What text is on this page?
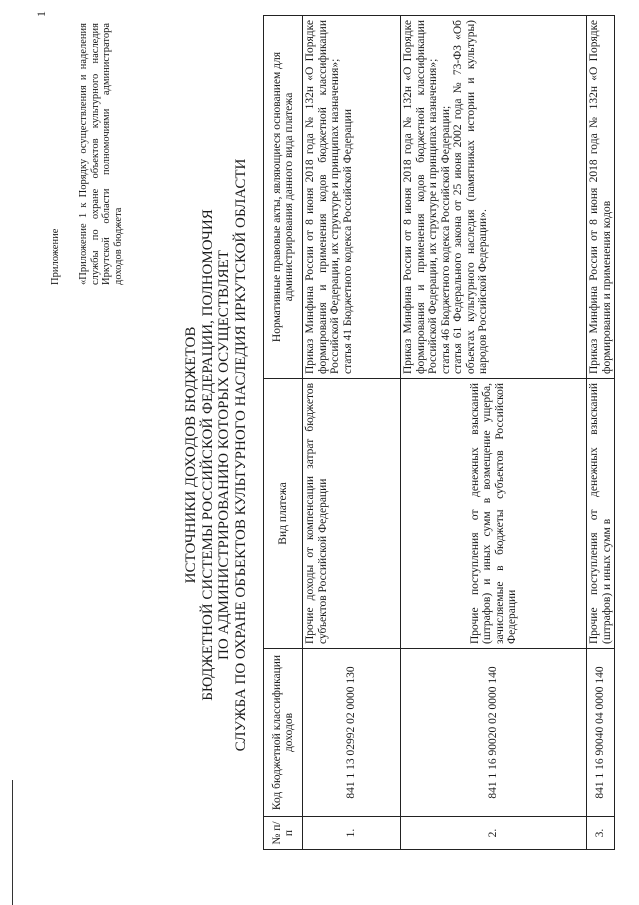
1
Приложение «Приложение 1 к Порядку осуществления и наделения службы по охране объектов культурного наследия Иркутской области полномочиями администратора доходов бюджета

ИСТОЧНИКИ ДОХОДОВ БЮДЖЕТОВ БЮДЖЕТНОЙ СИСТЕМЫ РОССИЙСКОЙ ФЕДЕРАЦИИ, ПОЛНОМОЧИЯ ПО АДМИНИСТРИРОВАНИЮ КОТОРЫХ ОСУЩЕСТВЛЯЕТ СЛУЖБА ПО ОХРАНЕ ОБЪЕКТОВ КУЛЬТУРНОГО НАСЛЕДИЯ ИРКУТСКОЙ ОБЛАСТИ
№ п/п	Код бюджетной классификации доходов	Вид платежа	Нормативные правовые акты, являющиеся основанием для администрирования данного вида платежа
1.	841 1 13 02992 02 0000 130	Прочие доходы от компенсации затрат бюджетов субъектов Российской Федерации	Приказ Минфина России от 8 июня 2018 года № 132н «О Порядке формирования и применения кодов бюджетной классификации Российской Федерации, их структуре и принципах назначения»; статья 41 Бюджетного кодекса Российской Федерации

2.	841 1 16 90020 02 0000 140	Прочие поступления от денежных взысканий (штрафов) и иных сумм в возмещение ущерба, зачисляемые в бюджеты субъектов Российской Федерации	Приказ Минфина России от 8 июня 2018 года № 132н «О Порядке формирования и применения кодов бюджетной классификации Российской Федерации, их структуре и принципах назначения»; статья 46 Бюджетного кодекса Российской Федерации; статья 61 Федерального закона от 25 июня 2002 года № 73-ФЗ «Об объектах культурного наследия (памятниках истории и культуры) народов Российской Федерации».

3.	841 1 16 90040 04 0000 140	Прочие поступления от денежных взысканий (штрафов) и иных сумм в	Приказ Минфина России от 8 июня 2018 года № 132н «О Порядке формирования и применения кодов
